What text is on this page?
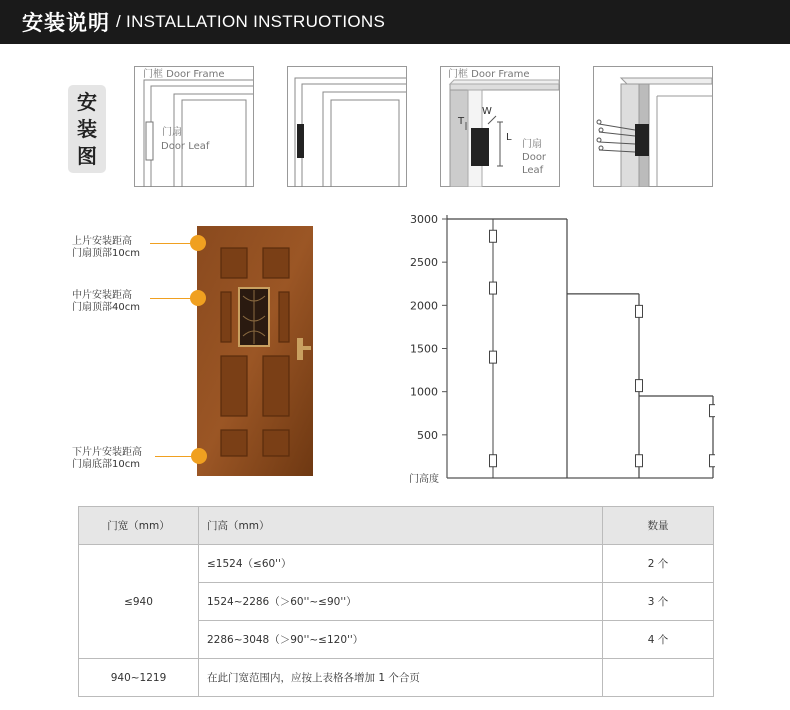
安装说明 / INSTALLATION INSTRUOTIONS
安
装
图
门框 Door Frame
门扇
Door Leaf
门框 Door Frame
T
W
L
门扇
Door
Leaf
上片安装距高
门扇顶部10cm
中片安装距高
门扇顶部40cm
下片片安装距高
门扇底部10cm
3000
2500
2000
1500
1000
500
门高度
门宽（mm）	门高（mm）	数量
≤940	≤1524（≤60''）	2 个
	1524~2286（＞60''~≤90''）	3 个
	2286~3048（＞90''~≤120''）	4 个
940~1219	在此门宽范围内，应按上表格各增加 1 个合页	
